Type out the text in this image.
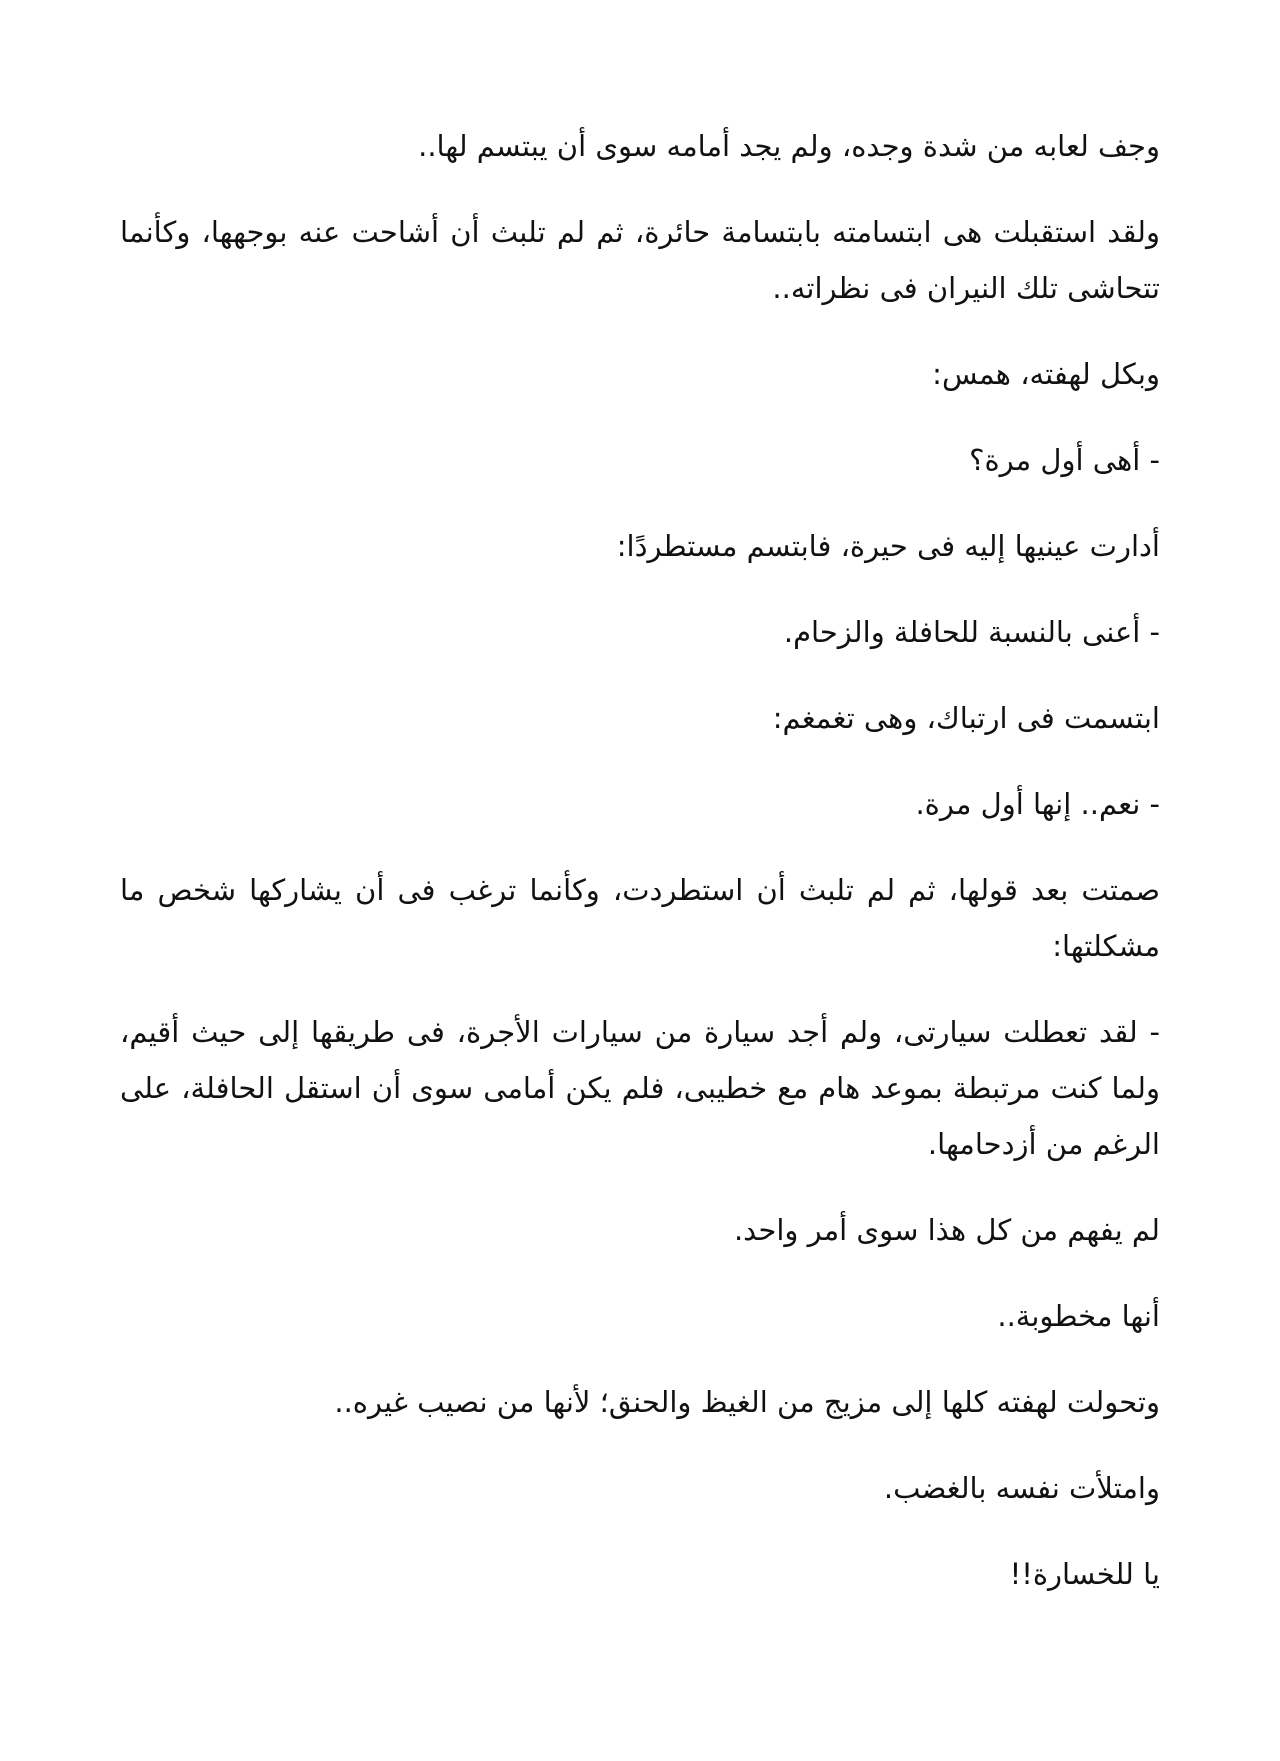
وجف لعابه من شدة وجده، ولم يجد أمامه سوى أن يبتسم لها..

ولقد استقبلت هى ابتسامته بابتسامة حائرة، ثم لم تلبث أن أشاحت عنه بوجهها، وكأنما تتحاشى تلك النيران فى نظراته..

وبكل لهفته، همس:

- أهى أول مرة؟

أدارت عينيها إليه فى حيرة، فابتسم مستطردًا:

- أعنى بالنسبة للحافلة والزحام.

ابتسمت فى ارتباك، وهى تغمغم:

- نعم.. إنها أول مرة.

صمتت بعد قولها، ثم لم تلبث أن استطردت، وكأنما ترغب فى أن يشاركها شخص ما مشكلتها:

- لقد تعطلت سيارتى، ولم أجد سيارة من سيارات الأجرة، فى طريقها إلى حيث أقيم، ولما كنت مرتبطة بموعد هام مع خطيبى، فلم يكن أمامى سوى أن استقل الحافلة، على الرغم من أزدحامها.

لم يفهم من كل هذا سوى أمر واحد.

أنها مخطوبة..

وتحولت لهفته كلها إلى مزيج من الغيظ والحنق؛ لأنها من نصيب غيره..

وامتلأت نفسه بالغضب.

يا للخسارة!!
